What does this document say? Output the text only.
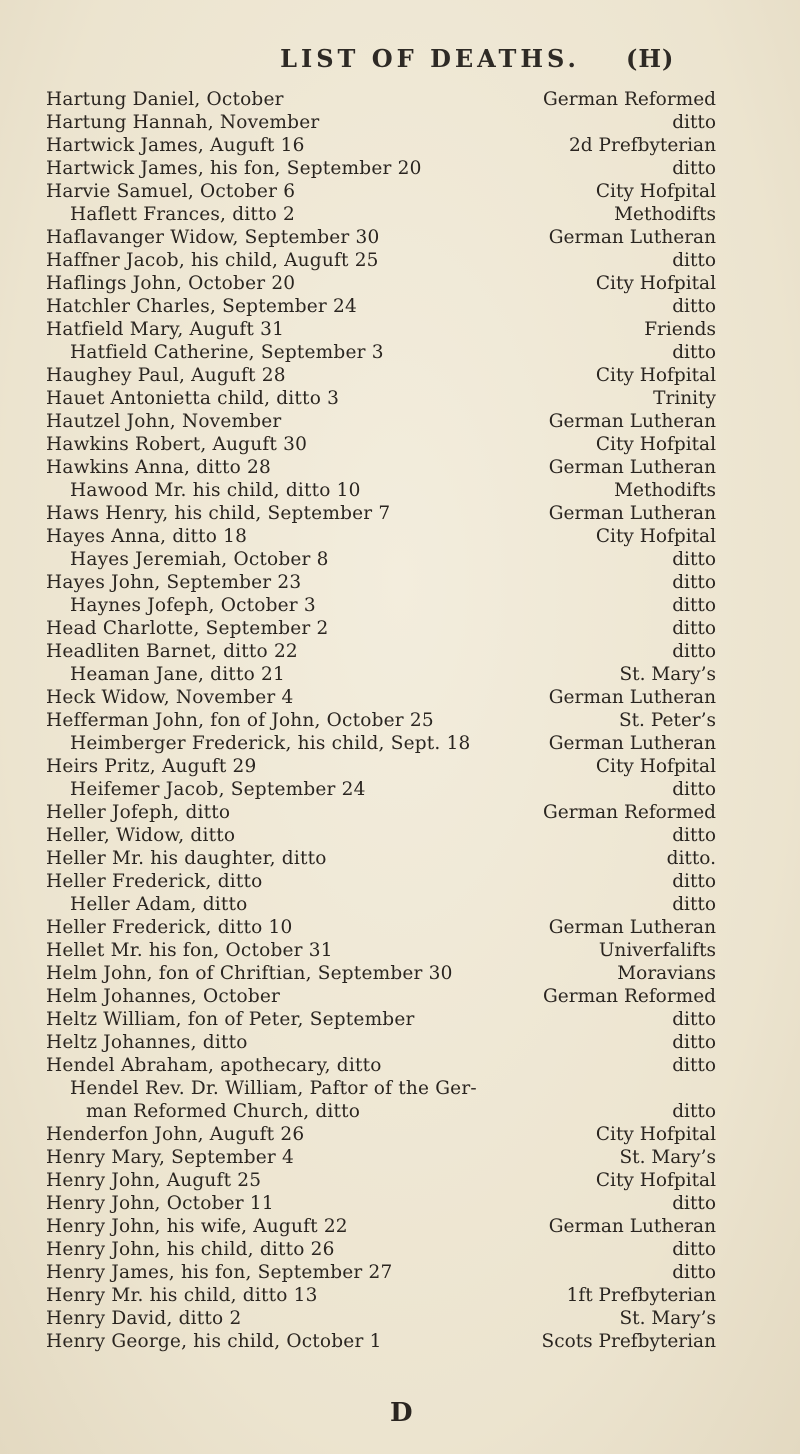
LIST OF DEATHS. (H)
Hartung Daniel, October	German Reformed
Hartung Hannah, November	ditto
Hartwick James, Auguft 16	2d Prefbyterian
Hartwick James, his fon, September 20	ditto
Harvie Samuel, October 6	City Hofpital
Haflett Frances, ditto 2	Methodifts
Haflavanger Widow, September 30	German Lutheran
Haffner Jacob, his child, Auguft 25	ditto
Haflings John, October 20	City Hofpital
Hatchler Charles, September 24	ditto
Hatfield Mary, Auguft 31	Friends
Hatfield Catherine, September 3	ditto
Haughey Paul, Auguft 28	City Hofpital
Hauet Antonietta child, ditto 3	Trinity
Hautzel John, November	German Lutheran
Hawkins Robert, Auguft 30	City Hofpital
Hawkins Anna, ditto 28	German Lutheran
Hawood Mr. his child, ditto 10	Methodifts
Haws Henry, his child, September 7	German Lutheran
Hayes Anna, ditto 18	City Hofpital
Hayes Jeremiah, October 8	ditto
Hayes John, September 23	ditto
Haynes Jofeph, October 3	ditto
Head Charlotte, September 2	ditto
Headliten Barnet, ditto 22	ditto
Heaman Jane, ditto 21	St. Mary’s
Heck Widow, November 4	German Lutheran
Hefferman John, fon of John, October 25	St. Peter’s
Heimberger Frederick, his child, Sept. 18	German Lutheran
Heirs Pritz, Auguft 29	City Hofpital
Heifemer Jacob, September 24	ditto
Heller Jofeph, ditto	German Reformed
Heller, Widow, ditto	ditto
Heller Mr. his daughter, ditto	ditto.
Heller Frederick, ditto	ditto
Heller Adam, ditto	ditto
Heller Frederick, ditto 10	German Lutheran
Hellet Mr. his fon, October 31	Univerfalifts
Helm John, fon of Chriftian, September 30	Moravians
Helm Johannes, October	German Reformed
Heltz William, fon of Peter, September	ditto
Heltz Johannes, ditto	ditto
Hendel Abraham, apothecary, ditto	ditto
Hendel Rev. Dr. William, Paftor of the Ger-
man Reformed Church, ditto	ditto
Henderfon John, Auguft 26	City Hofpital
Henry Mary, September 4	St. Mary’s
Henry John, Auguft 25	City Hofpital
Henry John, October 11	ditto
Henry John, his wife, Auguft 22	German Lutheran
Henry John, his child, ditto 26	ditto
Henry James, his fon, September 27	ditto
Henry Mr. his child, ditto 13	1ft Prefbyterian
Henry David, ditto 2	St. Mary’s
Henry George, his child, October 1	Scots Prefbyterian
D
